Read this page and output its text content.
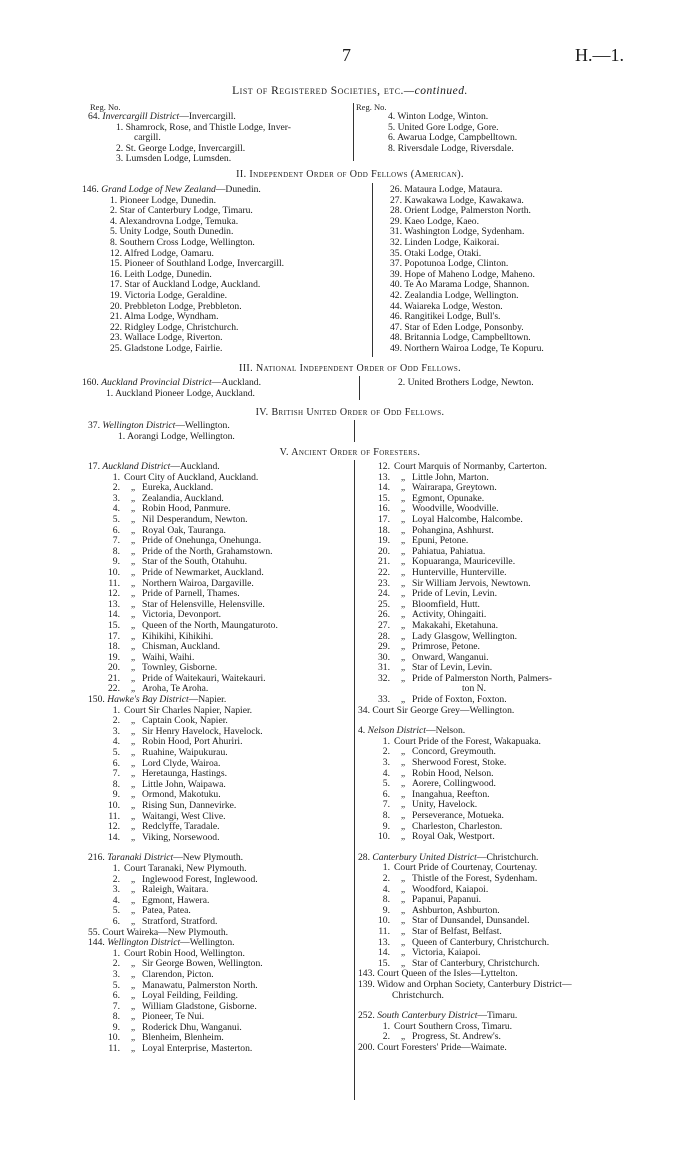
7	H.—1.
List of Registered Societies, etc.—continued.
Reg. No.	Reg. No.
64. Invercargill District—Invercargill.
1. Shamrock, Rose, and Thistle Lodge, Inver-
cargill.
2. St. George Lodge, Invercargill.
3. Lumsden Lodge, Lumsden.
4. Winton Lodge, Winton.
5. United Gore Lodge, Gore.
6. Awarua Lodge, Campbelltown.
8. Riversdale Lodge, Riversdale.
II. Independent Order of Odd Fellows (American).
146. Grand Lodge of New Zealand—Dunedin.
1. Pioneer Lodge, Dunedin.
2. Star of Canterbury Lodge, Timaru.
4. Alexandrovna Lodge, Temuka.
5. Unity Lodge, South Dunedin.
8. Southern Cross Lodge, Wellington.
12. Alfred Lodge, Oamaru.
15. Pioneer of Southland Lodge, Invercargill.
16. Leith Lodge, Dunedin.
17. Star of Auckland Lodge, Auckland.
19. Victoria Lodge, Geraldine.
20. Prebbleton Lodge, Prebbleton.
21. Alma Lodge, Wyndham.
22. Ridgley Lodge, Christchurch.
23. Wallace Lodge, Riverton.
25. Gladstone Lodge, Fairlie.
26. Mataura Lodge, Mataura.
27. Kawakawa Lodge, Kawakawa.
28. Orient Lodge, Palmerston North.
29. Kaeo Lodge, Kaeo.
31. Washington Lodge, Sydenham.
32. Linden Lodge, Kaikorai.
35. Otaki Lodge, Otaki.
37. Popotunoa Lodge, Clinton.
39. Hope of Maheno Lodge, Maheno.
40. Te Ao Marama Lodge, Shannon.
42. Zealandia Lodge, Wellington.
44. Waiareka Lodge, Weston.
46. Rangitikei Lodge, Bull's.
47. Star of Eden Lodge, Ponsonby.
48. Britannia Lodge, Campbelltown.
49. Northern Wairoa Lodge, Te Kopuru.
III. National Independent Order of Odd Fellows.
160. Auckland Provincial District—Auckland.
1. Auckland Pioneer Lodge, Auckland.
2. United Brothers Lodge, Newton.
IV. British United Order of Odd Fellows.
37. Wellington District—Wellington.
1. Aorangi Lodge, Wellington.
V. Ancient Order of Foresters.
17. Auckland District—Auckland.
1. Court City of Auckland, Auckland.
2. „ Eureka, Auckland.
3. „ Zealandia, Auckland.
4. „ Robin Hood, Panmure.
5. „ Nil Desperandum, Newton.
6. „ Royal Oak, Tauranga.
7. „ Pride of Onehunga, Onehunga.
8. „ Pride of the North, Grahamstown.
9. „ Star of the South, Otahuhu.
10. „ Pride of Newmarket, Auckland.
11. „ Northern Wairoa, Dargaville.
12. „ Pride of Parnell, Thames.
13. „ Star of Helensville, Helensville.
14. „ Victoria, Devonport.
15. „ Queen of the North, Maungaturoto.
17. „ Kihikihi, Kihikihi.
18. „ Chisman, Auckland.
19. „ Waihi, Waihi.
20. „ Townley, Gisborne.
21. „ Pride of Waitekauri, Waitekauri.
22. „ Aroha, Te Aroha.
150. Hawke's Bay District—Napier.
1. Court Sir Charles Napier, Napier.
2. „ Captain Cook, Napier.
3. „ Sir Henry Havelock, Havelock.
4. „ Robin Hood, Port Ahuriri.
5. „ Ruahine, Waipukurau.
6. „ Lord Clyde, Wairoa.
7. „ Heretaunga, Hastings.
8. „ Little John, Waipawa.
9. „ Ormond, Makotuku.
10. „ Rising Sun, Dannevirke.
11. „ Waitangi, West Clive.
12. „ Redclyffe, Taradale.
14. „ Viking, Norsewood.
216. Taranaki District—New Plymouth.
1. Court Taranaki, New Plymouth.
2. „ Inglewood Forest, Inglewood.
3. „ Raleigh, Waitara.
4. „ Egmont, Hawera.
5. „ Patea, Patea.
6. „ Stratford, Stratford.
55. Court Waireka—New Plymouth.
144. Wellington District—Wellington.
1. Court Robin Hood, Wellington.
2. „ Sir George Bowen, Wellington.
3. „ Clarendon, Picton.
5. „ Manawatu, Palmerston North.
6. „ Loyal Feilding, Feilding.
7. „ William Gladstone, Gisborne.
8. „ Pioneer, Te Nui.
9. „ Roderick Dhu, Wanganui.
10. „ Blenheim, Blenheim.
11. „ Loyal Enterprise, Masterton.
12. Court Marquis of Normanby, Carterton.
13. „ Little John, Marton.
14. „ Wairarapa, Greytown.
15. „ Egmont, Opunake.
16. „ Woodville, Woodville.
17. „ Loyal Halcombe, Halcombe.
18. „ Pohangina, Ashhurst.
19. „ Epuni, Petone.
20. „ Pahiatua, Pahiatua.
21. „ Kopuaranga, Mauriceville.
22. „ Hunterville, Hunterville.
23. „ Sir William Jervois, Newtown.
24. „ Pride of Levin, Levin.
25. „ Bloomfield, Hutt.
26. „ Activity, Ohingaiti.
27. „ Makakahi, Eketahuna.
28. „ Lady Glasgow, Wellington.
29. „ Primrose, Petone.
30. „ Onward, Wanganui.
31. „ Star of Levin, Levin.
32. „ Pride of Palmerston North, Palmers-
ton N.
33. „ Pride of Foxton, Foxton.
34. Court Sir George Grey—Wellington.
4. Nelson District—Nelson.
1. Court Pride of the Forest, Wakapuaka.
2. „ Concord, Greymouth.
3. „ Sherwood Forest, Stoke.
4. „ Robin Hood, Nelson.
5. „ Aorere, Collingwood.
6. „ Inangahua, Reefton.
7. „ Unity, Havelock.
8. „ Perseverance, Motueka.
9. „ Charleston, Charleston.
10. „ Royal Oak, Westport.
28. Canterbury United District—Christchurch.
1. Court Pride of Courtenay, Courtenay.
2. „ Thistle of the Forest, Sydenham.
4. „ Woodford, Kaiapoi.
8. „ Papanui, Papanui.
9. „ Ashburton, Ashburton.
10. „ Star of Dunsandel, Dunsandel.
11. „ Star of Belfast, Belfast.
13. „ Queen of Canterbury, Christchurch.
14. „ Victoria, Kaiapoi.
15. „ Star of Canterbury, Christchurch.
143. Court Queen of the Isles—Lyttelton.
139. Widow and Orphan Society, Canterbury District—
Christchurch.
252. South Canterbury District—Timaru.
1. Court Southern Cross, Timaru.
2. „ Progress, St. Andrew's.
200. Court Foresters' Pride—Waimate.
